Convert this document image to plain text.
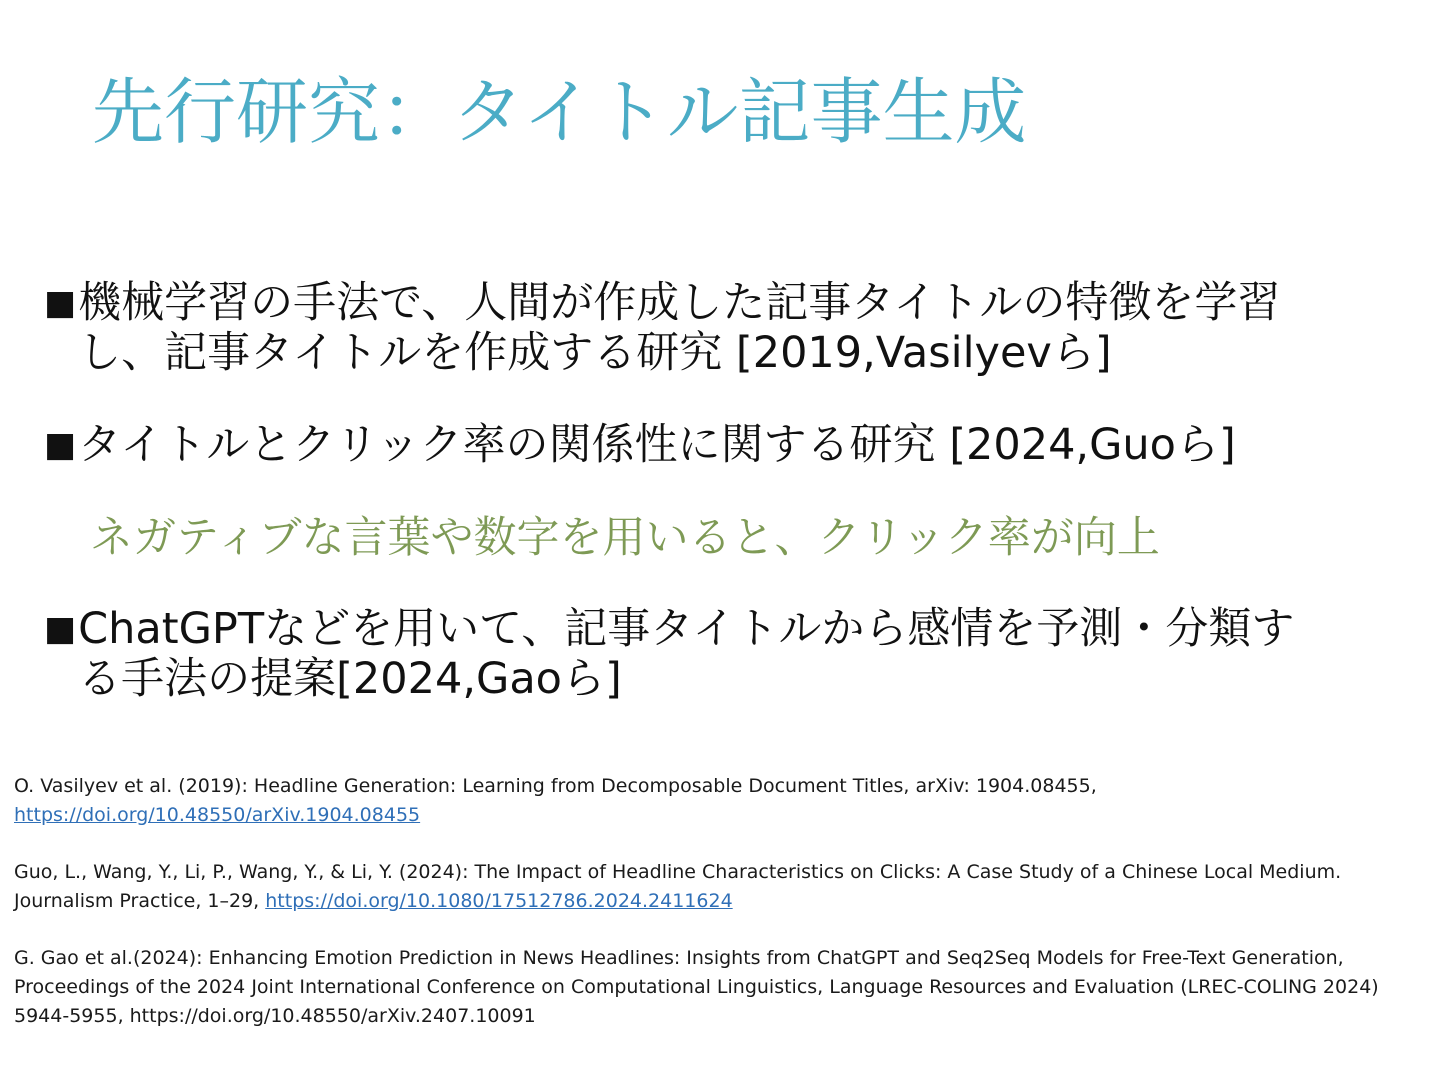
先行研究：タイトル記事生成
■ 機械学習の手法で、人間が作成した記事タイトルの特徴を学習
し、記事タイトルを作成する研究 [2019,Vasilyevら]
■ タイトルとクリック率の関係性に関する研究 [2024,Guoら]
ネガティブな言葉や数字を用いると、クリック率が向上
■ ChatGPTなどを用いて、記事タイトルから感情を予測・分類す
る手法の提案[2024,Gaoら]
O. Vasilyev et al. (2019): Headline Generation: Learning from Decomposable Document Titles, arXiv: 1904.08455,
https://doi.org/10.48550/arXiv.1904.08455
Guo, L., Wang, Y., Li, P., Wang, Y., & Li, Y. (2024): The Impact of Headline Characteristics on Clicks: A Case Study of a Chinese Local Medium.
Journalism Practice, 1–29, https://doi.org/10.1080/17512786.2024.2411624
G. Gao et al.(2024): Enhancing Emotion Prediction in News Headlines: Insights from ChatGPT and Seq2Seq Models for Free-Text Generation,
Proceedings of the 2024 Joint International Conference on Computational Linguistics, Language Resources and Evaluation (LREC-COLING 2024)
5944-5955, https://doi.org/10.48550/arXiv.2407.10091
